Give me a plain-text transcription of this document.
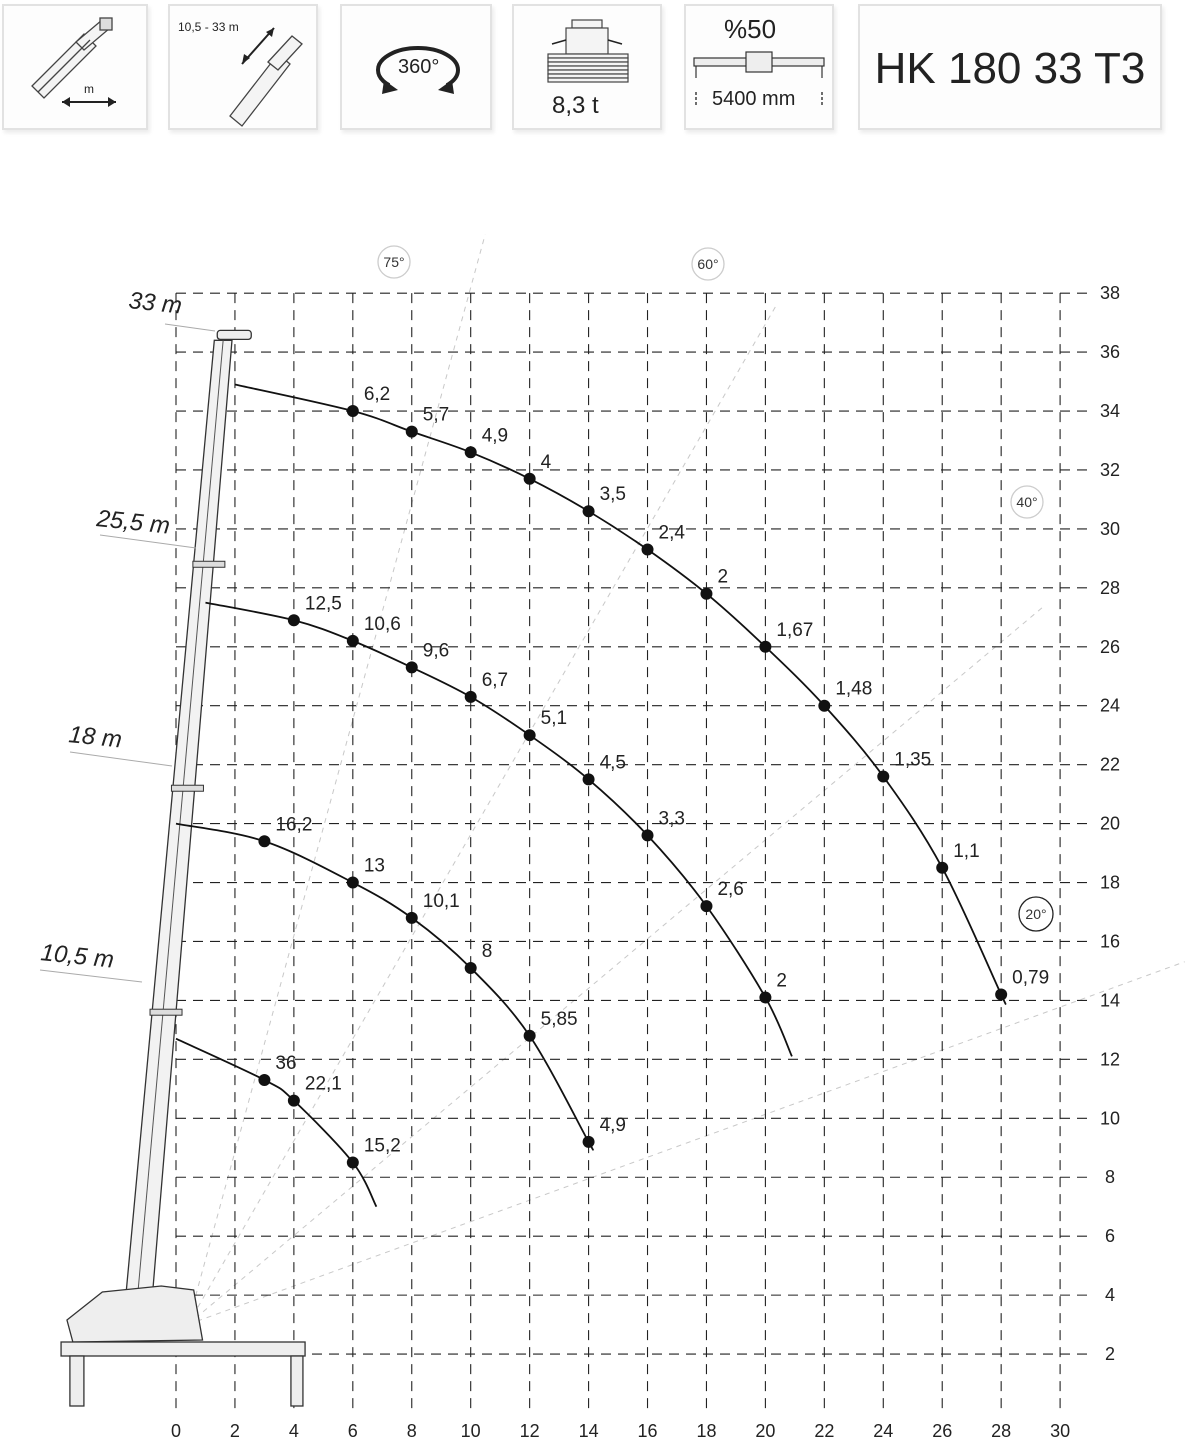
m
10,5 - 33 m
360°
8,3 t
%50
5400 mm
HK 180 33 T3
36
22,1
15,2
16,2
13
10,1
8
5,85
4,9
12,5
10,6
9,6
6,7
5,1
4,5
3,3
2,6
2
6,2
5,7
4,9
4
3,5
2,4
2
1,67
1,48
1,35
1,1
0,79
0	2	4	6	8 10 12 14 16 18 20 22 24 26 28 30
2
4
6
8
10
12
14
16
18
20
22
24
26
28
30
32
34
36
38
33 m
25,5 m
18 m
10,5 m
75°	60°
40°
20°
